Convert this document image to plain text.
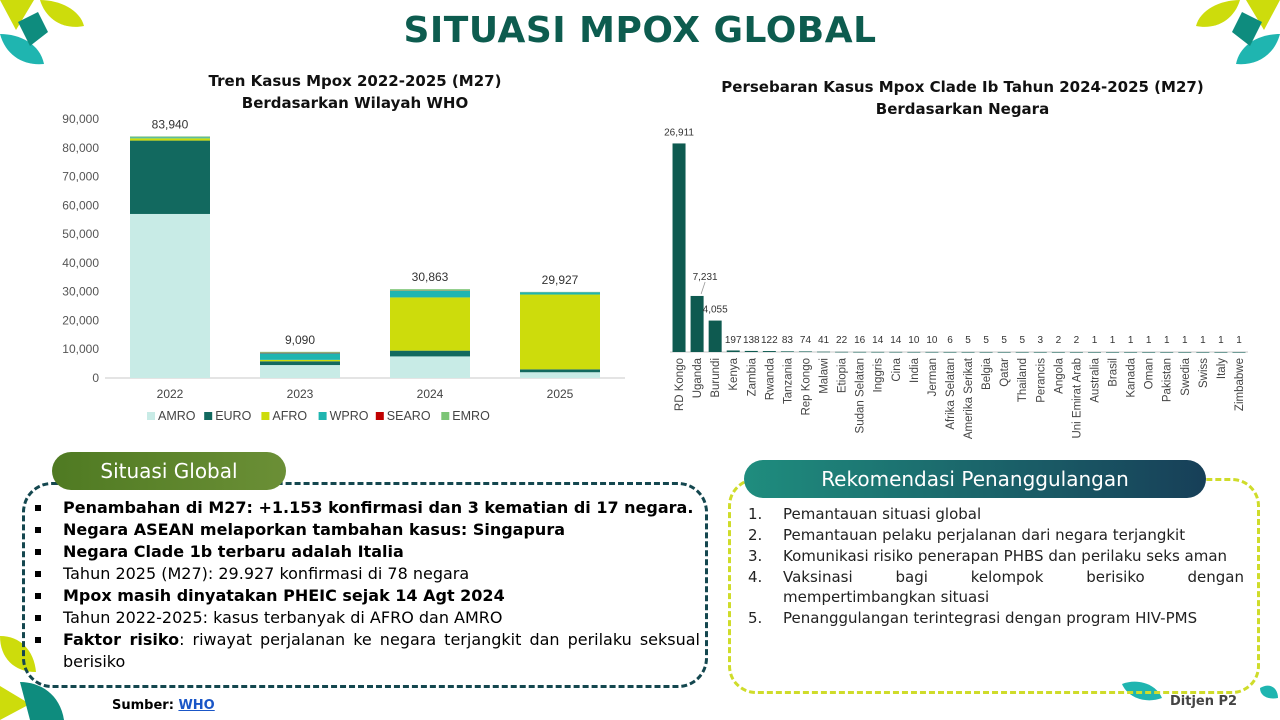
SITUASI MPOX GLOBAL
Tren Kasus Mpox 2022-2025 (M27)
Berdasarkan Wilayah WHO
0
10,000
20,000
30,000
40,000
50,000
60,000
70,000
80,000
90,000	83,940
2022
9,090
2023
30,863
2024
29,927
2025
AMRO EURO AFRO WPRO SEARO EMRO
Persebaran Kasus Mpox Clade Ib Tahun 2024-2025 (M27)
Berdasarkan Negara
26,911
RD Kongo
7,231
Uganda
4,055
Burundi
197
Kenya
138
Zambia
122
Rwanda
83
Tanzania
74
Rep Kongo
41
Malawi
22
Etiopia
16
Sudan Selatan
14
Inggris
14
Cina
10
India
10
Jerman
6
Afrika Selatan
5
Amerika Serikat
5
Belgia
5
Qatar
5
Thailand
3
Perancis
2
Angola
2
Uni Emirat Arab
1
Australia
1
Brasil
1
Kanada
1
Oman
1
Pakistan
1
Swedia
1
Swiss
1
Italy
1
Zimbabwe
Situasi Global
Penambahan di M27: +1.153 konfirmasi dan 3 kematian di 17 negara.
Negara ASEAN melaporkan tambahan kasus: Singapura
Negara Clade 1b terbaru adalah Italia
Tahun 2025 (M27): 29.927 konfirmasi di 78 negara
Mpox masih dinyatakan PHEIC sejak 14 Agt 2024
Tahun 2022-2025: kasus terbanyak di AFRO dan AMRO
Faktor risiko: riwayat perjalanan ke negara terjangkit dan perilaku seksual berisiko
Rekomendasi Penanggulangan
1. Pemantauan situasi global
2. Pemantauan pelaku perjalanan dari negara terjangkit
3. Komunikasi risiko penerapan PHBS dan perilaku seks aman
4. Vaksinasi bagi kelompok berisiko dengan mempertimbangkan situasi
5. Penanggulangan terintegrasi dengan program HIV-PMS
Sumber: WHO	Ditjen P2
